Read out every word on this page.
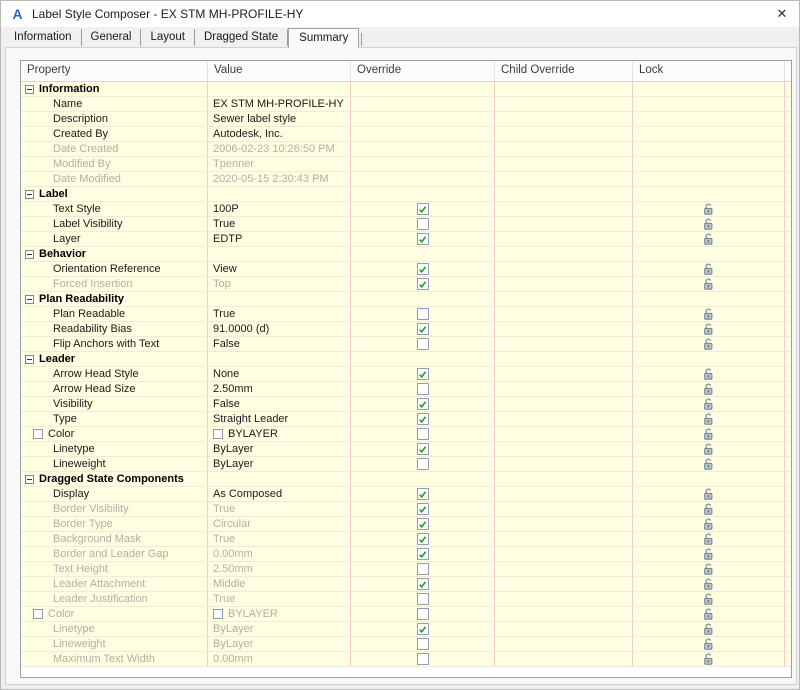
A Label Style Composer - EX STM MH-PROFILE-HY	✕
Information	General	Layout	Dragged State	Summary
Property	Value	Override	Child Override	Lock
Information
Name	EX STM MH-PROFILE-HY
Description	Sewer label style
Created By	Autodesk, Inc.
Date Created	2006-02-23 10:26:50 PM
Modified By	Tpenner
Date Modified	2020-05-15 2:30:43 PM
Label
Text Style	100P
Label Visibility	True
Layer	EDTP
Behavior
Orientation Reference	View
Forced Insertion	Top
Plan Readability
Plan Readable	True
Readability Bias	91.0000 (d)
Flip Anchors with Text	False
Leader
Arrow Head Style	None
Arrow Head Size	2.50mm
Visibility	False
Type	Straight Leader
Color	BYLAYER
Linetype	ByLayer
Lineweight	ByLayer
Dragged State Components
Display	As Composed
Border Visibility	True
Border Type	Circular
Background Mask	True
Border and Leader Gap	0.00mm
Text Height	2.50mm
Leader Attachment	Middle
Leader Justification	True
Color	BYLAYER
Linetype	ByLayer
Lineweight	ByLayer
Maximum Text Width	0.00mm
